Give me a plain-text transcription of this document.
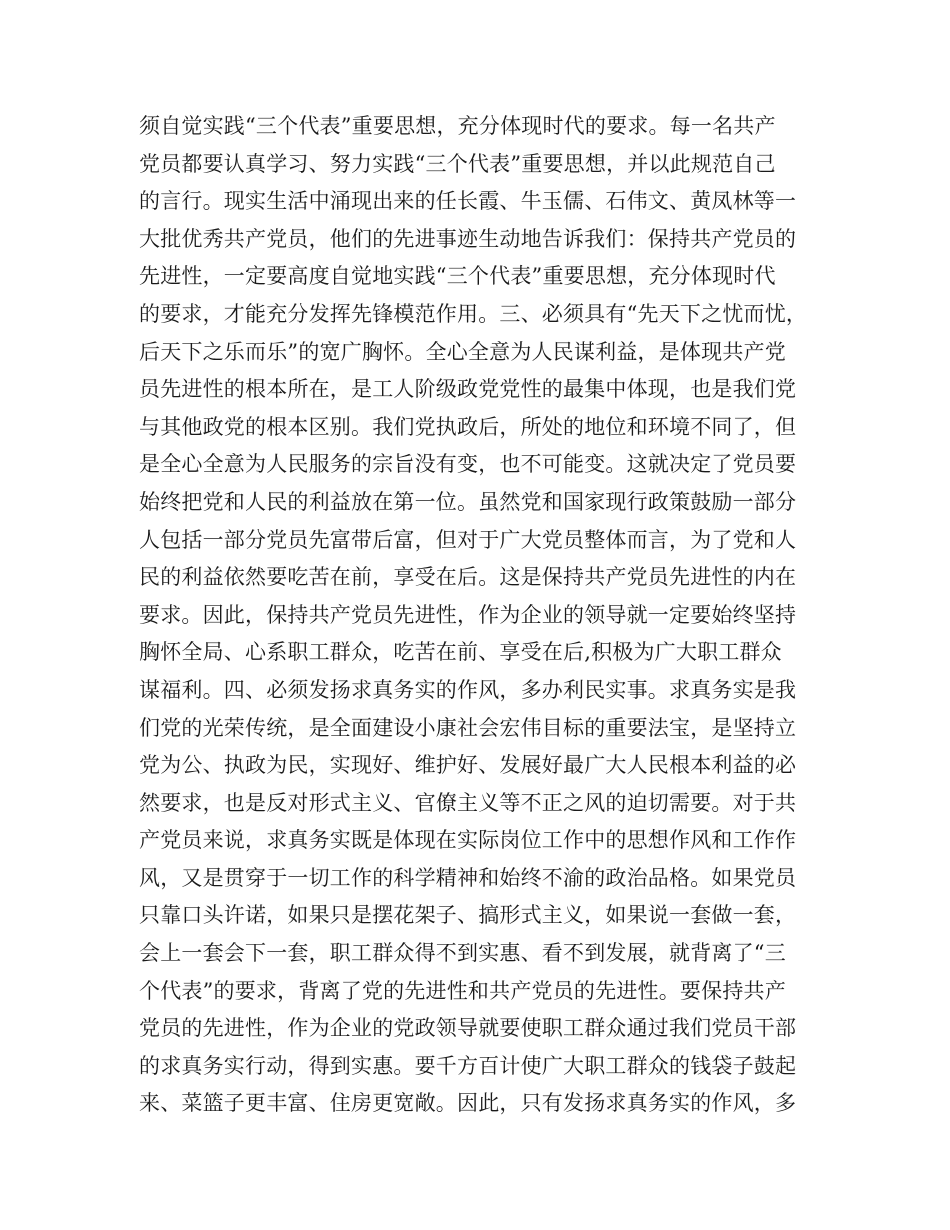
须自觉实践“三个代表”重要思想，充分体现时代的要求。每一名共产
党员都要认真学习、努力实践“三个代表”重要思想，并以此规范自己
的言行。现实生活中涌现出来的任长霞、牛玉儒、石伟文、黄凤林等一
大批优秀共产党员，他们的先进事迹生动地告诉我们：保持共产党员的
先进性，一定要高度自觉地实践“三个代表”重要思想，充分体现时代
的要求，才能充分发挥先锋模范作用。三、必须具有“先天下之忧而忧，
后天下之乐而乐”的宽广胸怀。全心全意为人民谋利益，是体现共产党
员先进性的根本所在，是工人阶级政党党性的最集中体现，也是我们党
与其他政党的根本区别。我们党执政后，所处的地位和环境不同了，但
是全心全意为人民服务的宗旨没有变，也不可能变。这就决定了党员要
始终把党和人民的利益放在第一位。虽然党和国家现行政策鼓励一部分
人包括一部分党员先富带后富，但对于广大党员整体而言，为了党和人
民的利益依然要吃苦在前，享受在后。这是保持共产党员先进性的内在
要求。因此，保持共产党员先进性，作为企业的领导就一定要始终坚持
胸怀全局、心系职工群众，吃苦在前、享受在后,积极为广大职工群众
谋福利。四、必须发扬求真务实的作风，多办利民实事。求真务实是我
们党的光荣传统，是全面建设小康社会宏伟目标的重要法宝，是坚持立
党为公、执政为民，实现好、维护好、发展好最广大人民根本利益的必
然要求，也是反对形式主义、官僚主义等不正之风的迫切需要。对于共
产党员来说，求真务实既是体现在实际岗位工作中的思想作风和工作作
风，又是贯穿于一切工作的科学精神和始终不渝的政治品格。如果党员
只靠口头许诺，如果只是摆花架子、搞形式主义，如果说一套做一套，
会上一套会下一套，职工群众得不到实惠、看不到发展，就背离了“三
个代表”的要求，背离了党的先进性和共产党员的先进性。要保持共产
党员的先进性，作为企业的党政领导就要使职工群众通过我们党员干部
的求真务实行动，得到实惠。要千方百计使广大职工群众的钱袋子鼓起
来、菜篮子更丰富、住房更宽敞。因此，只有发扬求真务实的作风，多
